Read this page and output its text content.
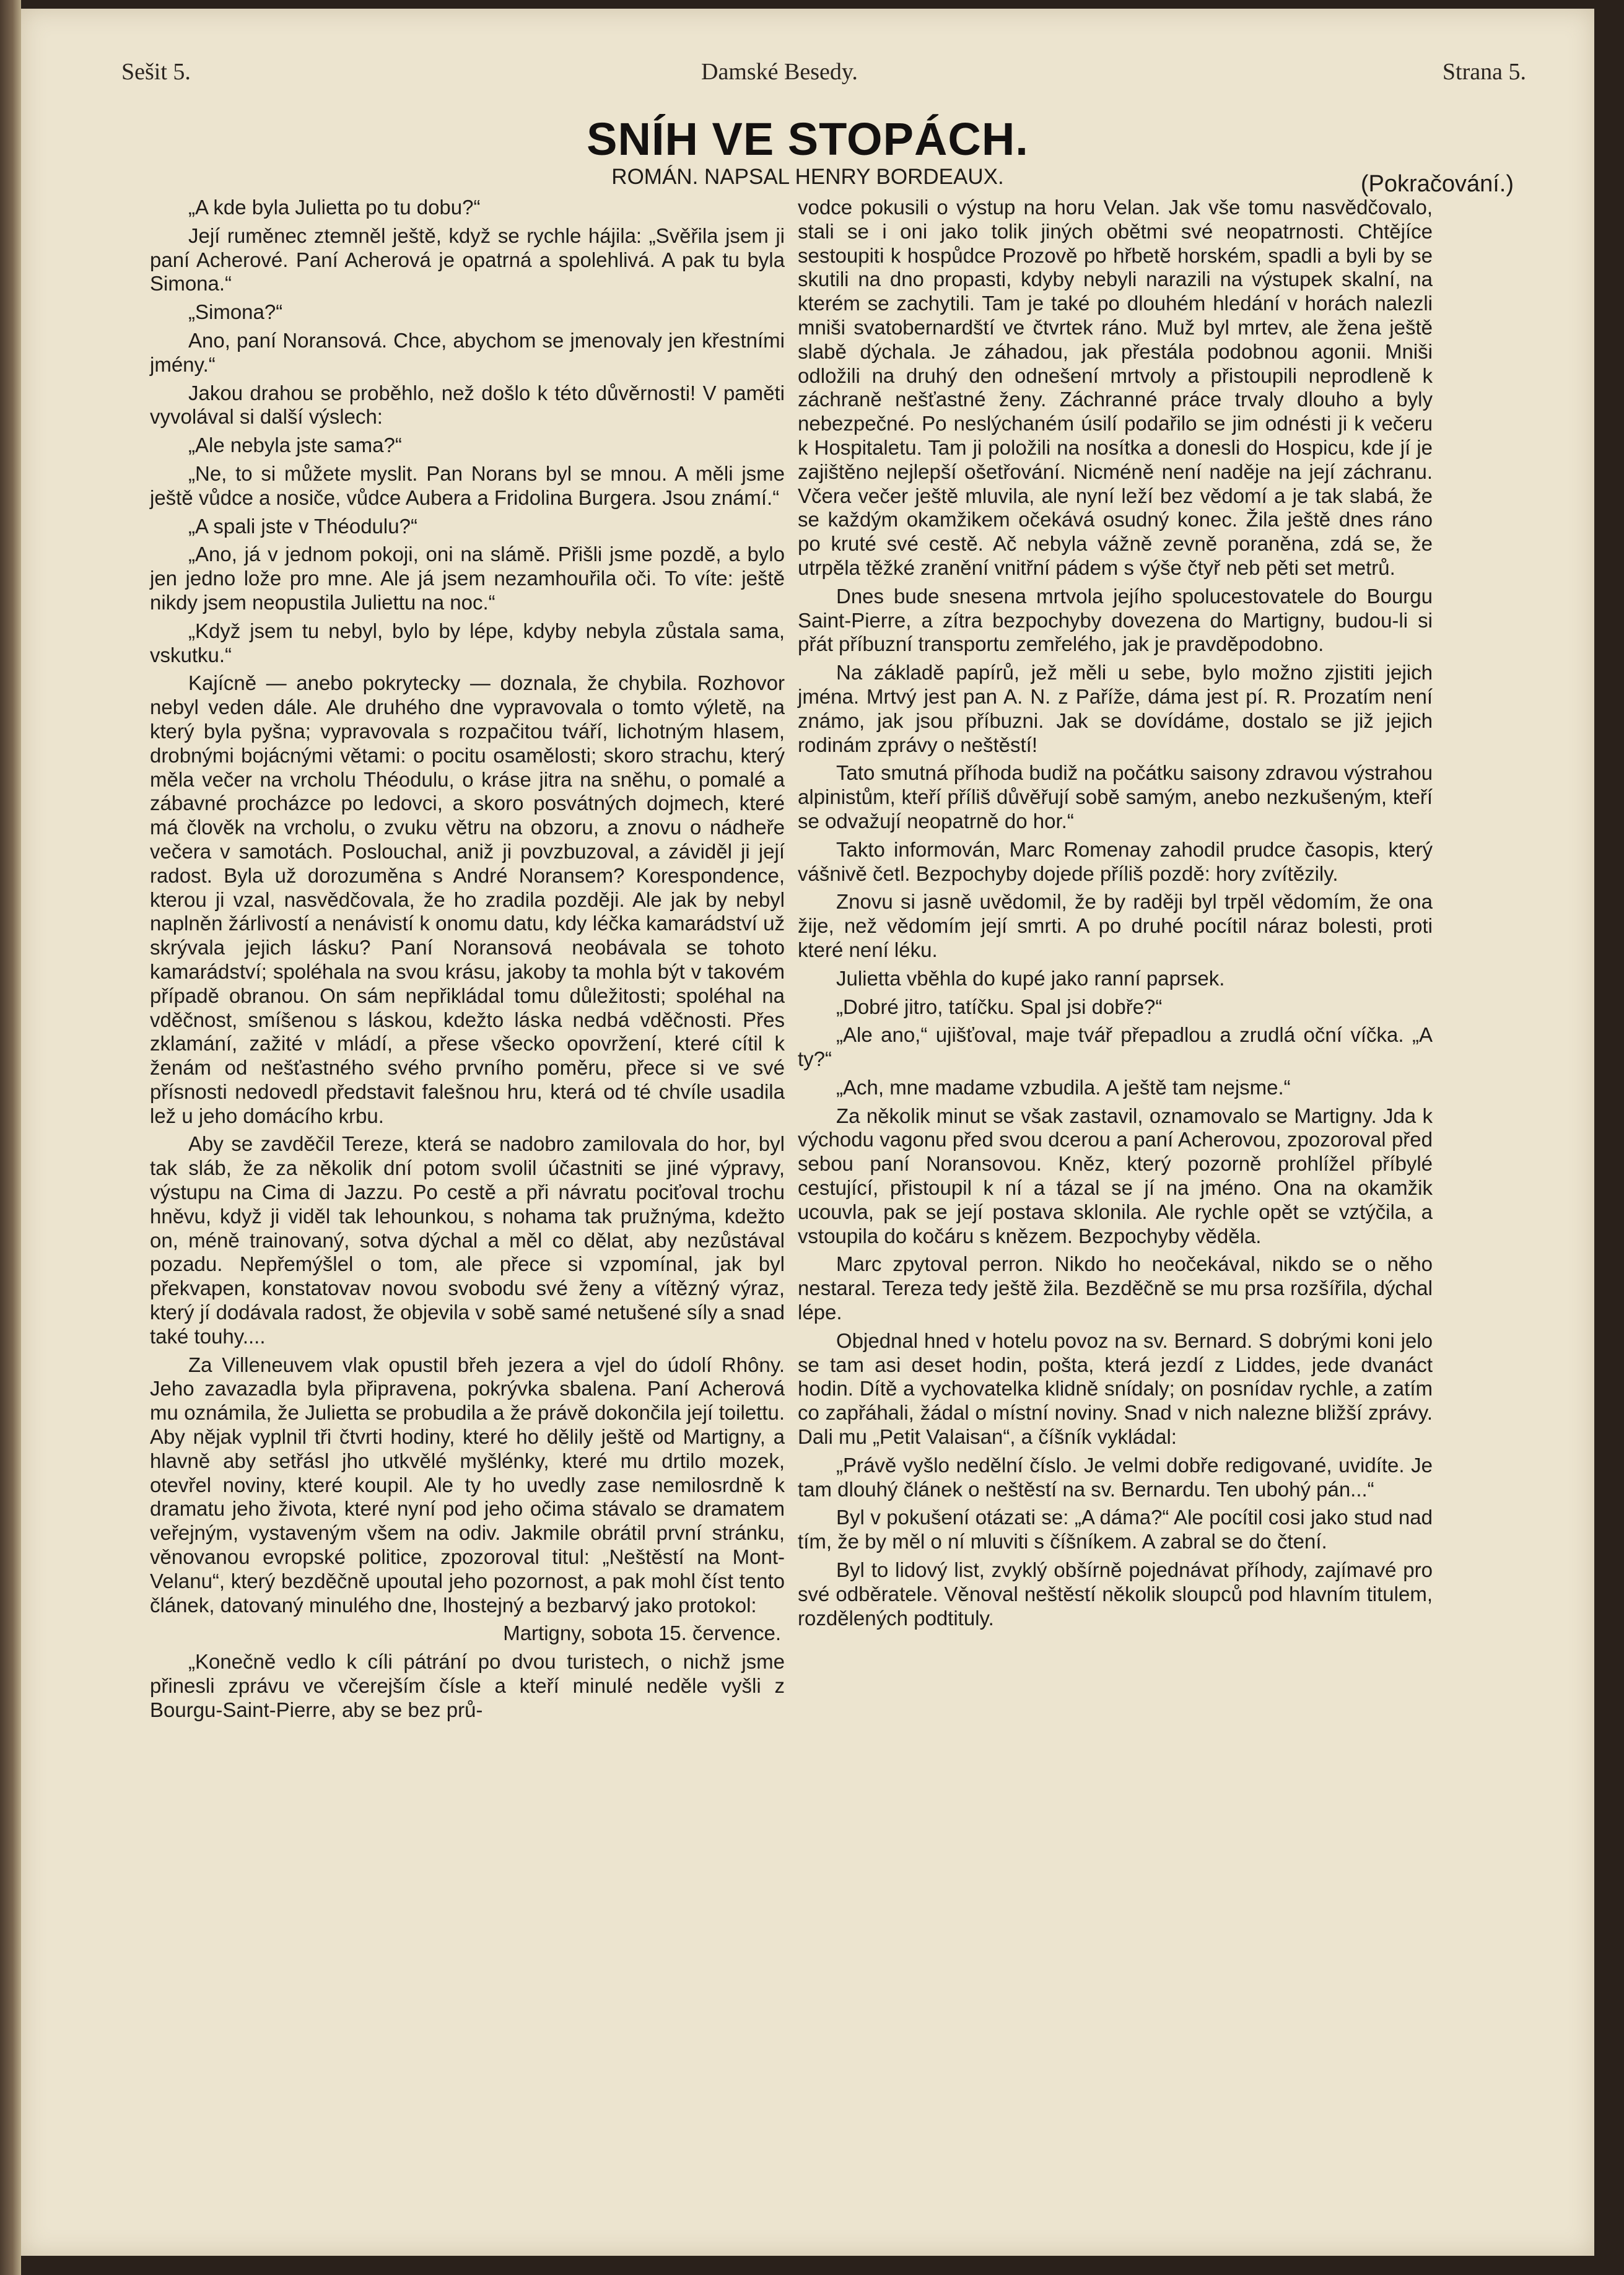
Sešit 5.	Damské Besedy.	Strana 5.
SNÍH VE STOPÁCH.
ROMÁN. NAPSAL HENRY BORDEAUX.	(Pokračování.)

„A kde byla Julietta po tu dobu?“

Její ruměnec ztemněl ještě, když se rychle hájila: „Svěřila jsem ji paní Acherové. Paní Acherová je opatrná a spolehlivá. A pak tu byla Simona.“

„Simona?“

Ano, paní Noransová. Chce, abychom se jmenovaly jen křestními jmény.“

Jakou drahou se proběhlo, než došlo k této důvěrnosti! V paměti vyvolával si další výslech:

„Ale nebyla jste sama?“

„Ne, to si můžete myslit. Pan Norans byl se mnou. A měli jsme ještě vůdce a nosiče, vůdce Aubera a Fridolina Burgera. Jsou známí.“

„A spali jste v Théodulu?“

„Ano, já v jednom pokoji, oni na slámě. Přišli jsme pozdě, a bylo jen jedno lože pro mne. Ale já jsem nezamhouřila oči. To víte: ještě nikdy jsem neopustila Juliettu na noc.“

„Když jsem tu nebyl, bylo by lépe, kdyby nebyla zůstala sama, vskutku.“

Kajícně — anebo pokrytecky — doznala, že chybila. Rozhovor nebyl veden dále. Ale druhého dne vypravovala o tomto výletě, na který byla pyšna; vypravovala s rozpačitou tváří, lichotným hlasem, drobnými bojácnými větami: o pocitu osamělosti; skoro strachu, který měla večer na vrcholu Théodulu, o kráse jitra na sněhu, o pomalé a zábavné procházce po ledovci, a skoro posvátných dojmech, které má člověk na vrcholu, o zvuku větru na obzoru, a znovu o nádheře večera v samotách. Poslouchal, aniž ji povzbuzoval, a záviděl ji její radost. Byla už dorozuměna s André Noransem? Korespondence, kterou ji vzal, nasvědčovala, že ho zradila později. Ale jak by nebyl naplněn žárlivostí a nenávistí k onomu datu, kdy léčka kamarádství už skrývala jejich lásku? Paní Noransová neobávala se tohoto kamarádství; spoléhala na svou krásu, jakoby ta mohla být v takovém případě obranou. On sám nepřikládal tomu důležitosti; spoléhal na vděčnost, smíšenou s láskou, kdežto láska nedbá vděčnosti. Přes zklamání, zažité v mládí, a přese všecko opovržení, které cítil k ženám od nešťastného svého prvního poměru, přece si ve své přísnosti nedovedl představit falešnou hru, která od té chvíle usadila lež u jeho domácího krbu.

Aby se zavděčil Tereze, která se nadobro zamilovala do hor, byl tak sláb, že za několik dní potom svolil účastniti se jiné výpravy, výstupu na Cima di Jazzu. Po cestě a při návratu pociťoval trochu hněvu, když ji viděl tak lehounkou, s nohama tak pružnýma, kdežto on, méně trainovaný, sotva dýchal a měl co dělat, aby nezůstával pozadu. Nepřemýšlel o tom, ale přece si vzpomínal, jak byl překvapen, konstatovav novou svobodu své ženy a vítězný výraz, který jí dodávala radost, že objevila v sobě samé netušené síly a snad také touhy....

Za Villeneuvem vlak opustil břeh jezera a vjel do údolí Rhôny. Jeho zavazadla byla připravena, pokrývka sbalena. Paní Acherová mu oznámila, že Julietta se probudila a že právě dokončila její toilettu. Aby nějak vyplnil tři čtvrti hodiny, které ho dělily ještě od Martigny, a hlavně aby setřásl jho utkvělé myšlénky, které mu drtilo mozek, otevřel noviny, které koupil. Ale ty ho uvedly zase nemilosrdně k dramatu jeho života, které nyní pod jeho očima stávalo se dramatem veřejným, vystaveným všem na odiv. Jakmile obrátil první stránku, věnovanou evropské politice, zpozoroval titul: „Neštěstí na Mont-Velanu“, který bezděčně upoutal jeho pozornost, a pak mohl číst tento článek, datovaný minulého dne, lhostejný a bezbarvý jako protokol:

Martigny, sobota 15. července.

„Konečně vedlo k cíli pátrání po dvou turistech, o nichž jsme přinesli zprávu ve včerejším čísle a kteří minulé neděle vyšli z Bourgu-Saint-Pierre, aby se bez prů-

vodce pokusili o výstup na horu Velan. Jak vše tomu nasvědčovalo, stali se i oni jako tolik jiných obětmi své neopatrnosti. Chtějíce sestoupiti k hospůdce Prozově po hřbetě horském, spadli a byli by se skutili na dno propasti, kdyby nebyli narazili na výstupek skalní, na kterém se zachytili. Tam je také po dlouhém hledání v horách nalezli mniši svatobernardští ve čtvrtek ráno. Muž byl mrtev, ale žena ještě slabě dýchala. Je záhadou, jak přestála podobnou agonii. Mniši odložili na druhý den odnešení mrtvoly a přistoupili neprodleně k záchraně nešťastné ženy. Záchranné práce trvaly dlouho a byly nebezpečné. Po neslýchaném úsilí podařilo se jim odnésti ji k večeru k Hospitaletu. Tam ji položili na nosítka a donesli do Hospicu, kde jí je zajištěno nejlepší ošetřování. Nicméně není naděje na její záchranu. Včera večer ještě mluvila, ale nyní leží bez vědomí a je tak slabá, že se každým okamžikem očekává osudný konec. Žila ještě dnes ráno po kruté své cestě. Ač nebyla vážně zevně poraněna, zdá se, že utrpěla těžké zranění vnitřní pádem s výše čtyř neb pěti set metrů.

Dnes bude snesena mrtvola jejího spolucestovatele do Bourgu Saint-Pierre, a zítra bezpochyby dovezena do Martigny, budou-li si přát příbuzní transportu zemřelého, jak je pravděpodobno.

Na základě papírů, jež měli u sebe, bylo možno zjistiti jejich jména. Mrtvý jest pan A. N. z Paříže, dáma jest pí. R. Prozatím není známo, jak jsou příbuzni. Jak se dovídáme, dostalo se již jejich rodinám zprávy o neštěstí!

Tato smutná příhoda budiž na počátku saisony zdravou výstrahou alpinistům, kteří příliš důvěřují sobě samým, anebo nezkušeným, kteří se odvažují neopatrně do hor.“

Takto informován, Marc Romenay zahodil prudce časopis, který vášnivě četl. Bezpochyby dojede příliš pozdě: hory zvítězily.

Znovu si jasně uvědomil, že by raději byl trpěl vědomím, že ona žije, než vědomím její smrti. A po druhé pocítil náraz bolesti, proti které není léku.

Julietta vběhla do kupé jako ranní paprsek.

„Dobré jitro, tatíčku. Spal jsi dobře?“

„Ale ano,“ ujišťoval, maje tvář přepadlou a zrudlá oční víčka. „A ty?“

„Ach, mne madame vzbudila. A ještě tam nejsme.“

Za několik minut se však zastavil, oznamovalo se Martigny. Jda k východu vagonu před svou dcerou a paní Acherovou, zpozoroval před sebou paní Noransovou. Kněz, který pozorně prohlížel příbylé cestující, přistoupil k ní a tázal se jí na jméno. Ona na okamžik ucouvla, pak se její postava sklonila. Ale rychle opět se vztýčila, a vstoupila do kočáru s knězem. Bezpochyby věděla.

Marc zpytoval perron. Nikdo ho neočekával, nikdo se o něho nestaral. Tereza tedy ještě žila. Bezděčně se mu prsa rozšířila, dýchal lépe.

Objednal hned v hotelu povoz na sv. Bernard. S dobrými koni jelo se tam asi deset hodin, pošta, která jezdí z Liddes, jede dvanáct hodin. Dítě a vychovatelka klidně snídaly; on posnídav rychle, a zatím co zapřáhali, žádal o místní noviny. Snad v nich nalezne bližší zprávy. Dali mu „Petit Valaisan“, a číšník vykládal:

„Právě vyšlo nedělní číslo. Je velmi dobře redigované, uvidíte. Je tam dlouhý článek o neštěstí na sv. Bernardu. Ten ubohý pán...“

Byl v pokušení otázati se: „A dáma?“ Ale pocítil cosi jako stud nad tím, že by měl o ní mluviti s číšníkem. A zabral se do čtení.

Byl to lidový list, zvyklý obšírně pojednávat příhody, zajímavé pro své odběratele. Věnoval neštěstí několik sloupců pod hlavním titulem, rozdělených podtituly.
